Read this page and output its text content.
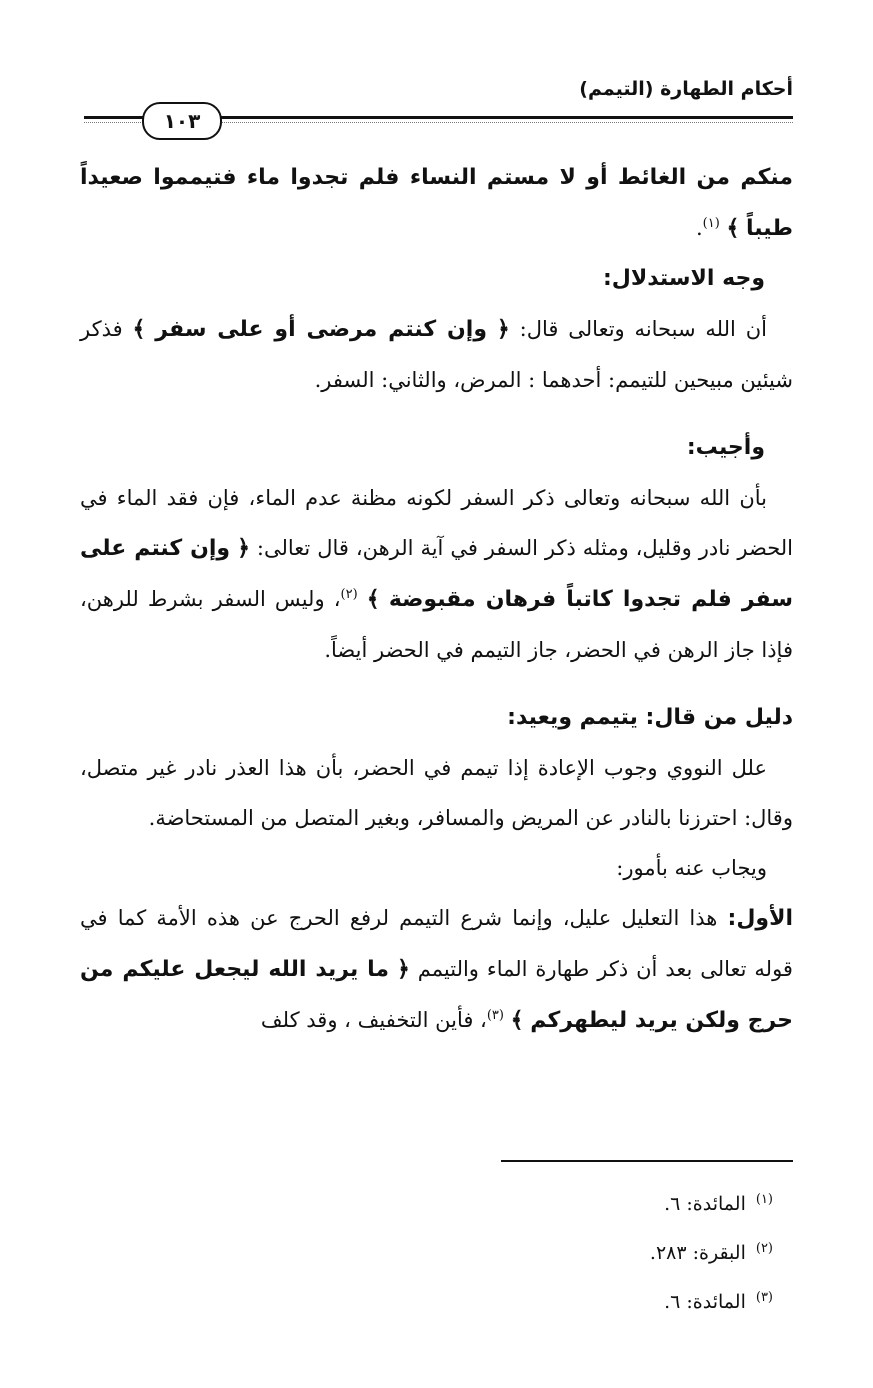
أحكام الطهارة (التيمم)
١٠٣

منكم من الغائط أو لا مستم النساء فلم تجدوا ماء فتيمموا صعيداً طيباً ﴾ $^{(١)}$.

وجه الاستدلال:

أن الله سبحانه وتعالى قال: ﴿ وإن كنتم مرضى أو على سفر ﴾ فذكر شيئين مبيحين للتيمم: أحدهما : المرض، والثاني: السفر.

وأجيب:

بأن الله سبحانه وتعالى ذكر السفر لكونه مظنة عدم الماء، فإن فقد الماء في الحضر نادر وقليل، ومثله ذكر السفر في آية الرهن، قال تعالى: ﴿ وإن كنتم على سفر فلم تجدوا كاتباً فرهان مقبوضة ﴾ $^{(٢)}$، وليس السفر بشرط للرهن، فإذا جاز الرهن في الحضر، جاز التيمم في الحضر أيضاً.

دليل من قال: يتيمم ويعيد:

علل النووي وجوب الإعادة إذا تيمم في الحضر، بأن هذا العذر نادر غير متصل، وقال: احترزنا بالنادر عن المريض والمسافر، وبغير المتصل من المستحاضة.

ويجاب عنه بأمور:

الأول: هذا التعليل عليل، وإنما شرع التيمم لرفع الحرج عن هذه الأمة كما في قوله تعالى بعد أن ذكر طهارة الماء والتيمم ﴿ ما يريد الله ليجعل عليكم من حرج ولكن يريد ليطهركم ﴾ $^{(٣)}$، فأين التخفيف ، وقد كلف

$^{(١)}$المائدة: ٦.
$^{(٢)}$البقرة: ٢٨٣.
$^{(٣)}$المائدة: ٦.
